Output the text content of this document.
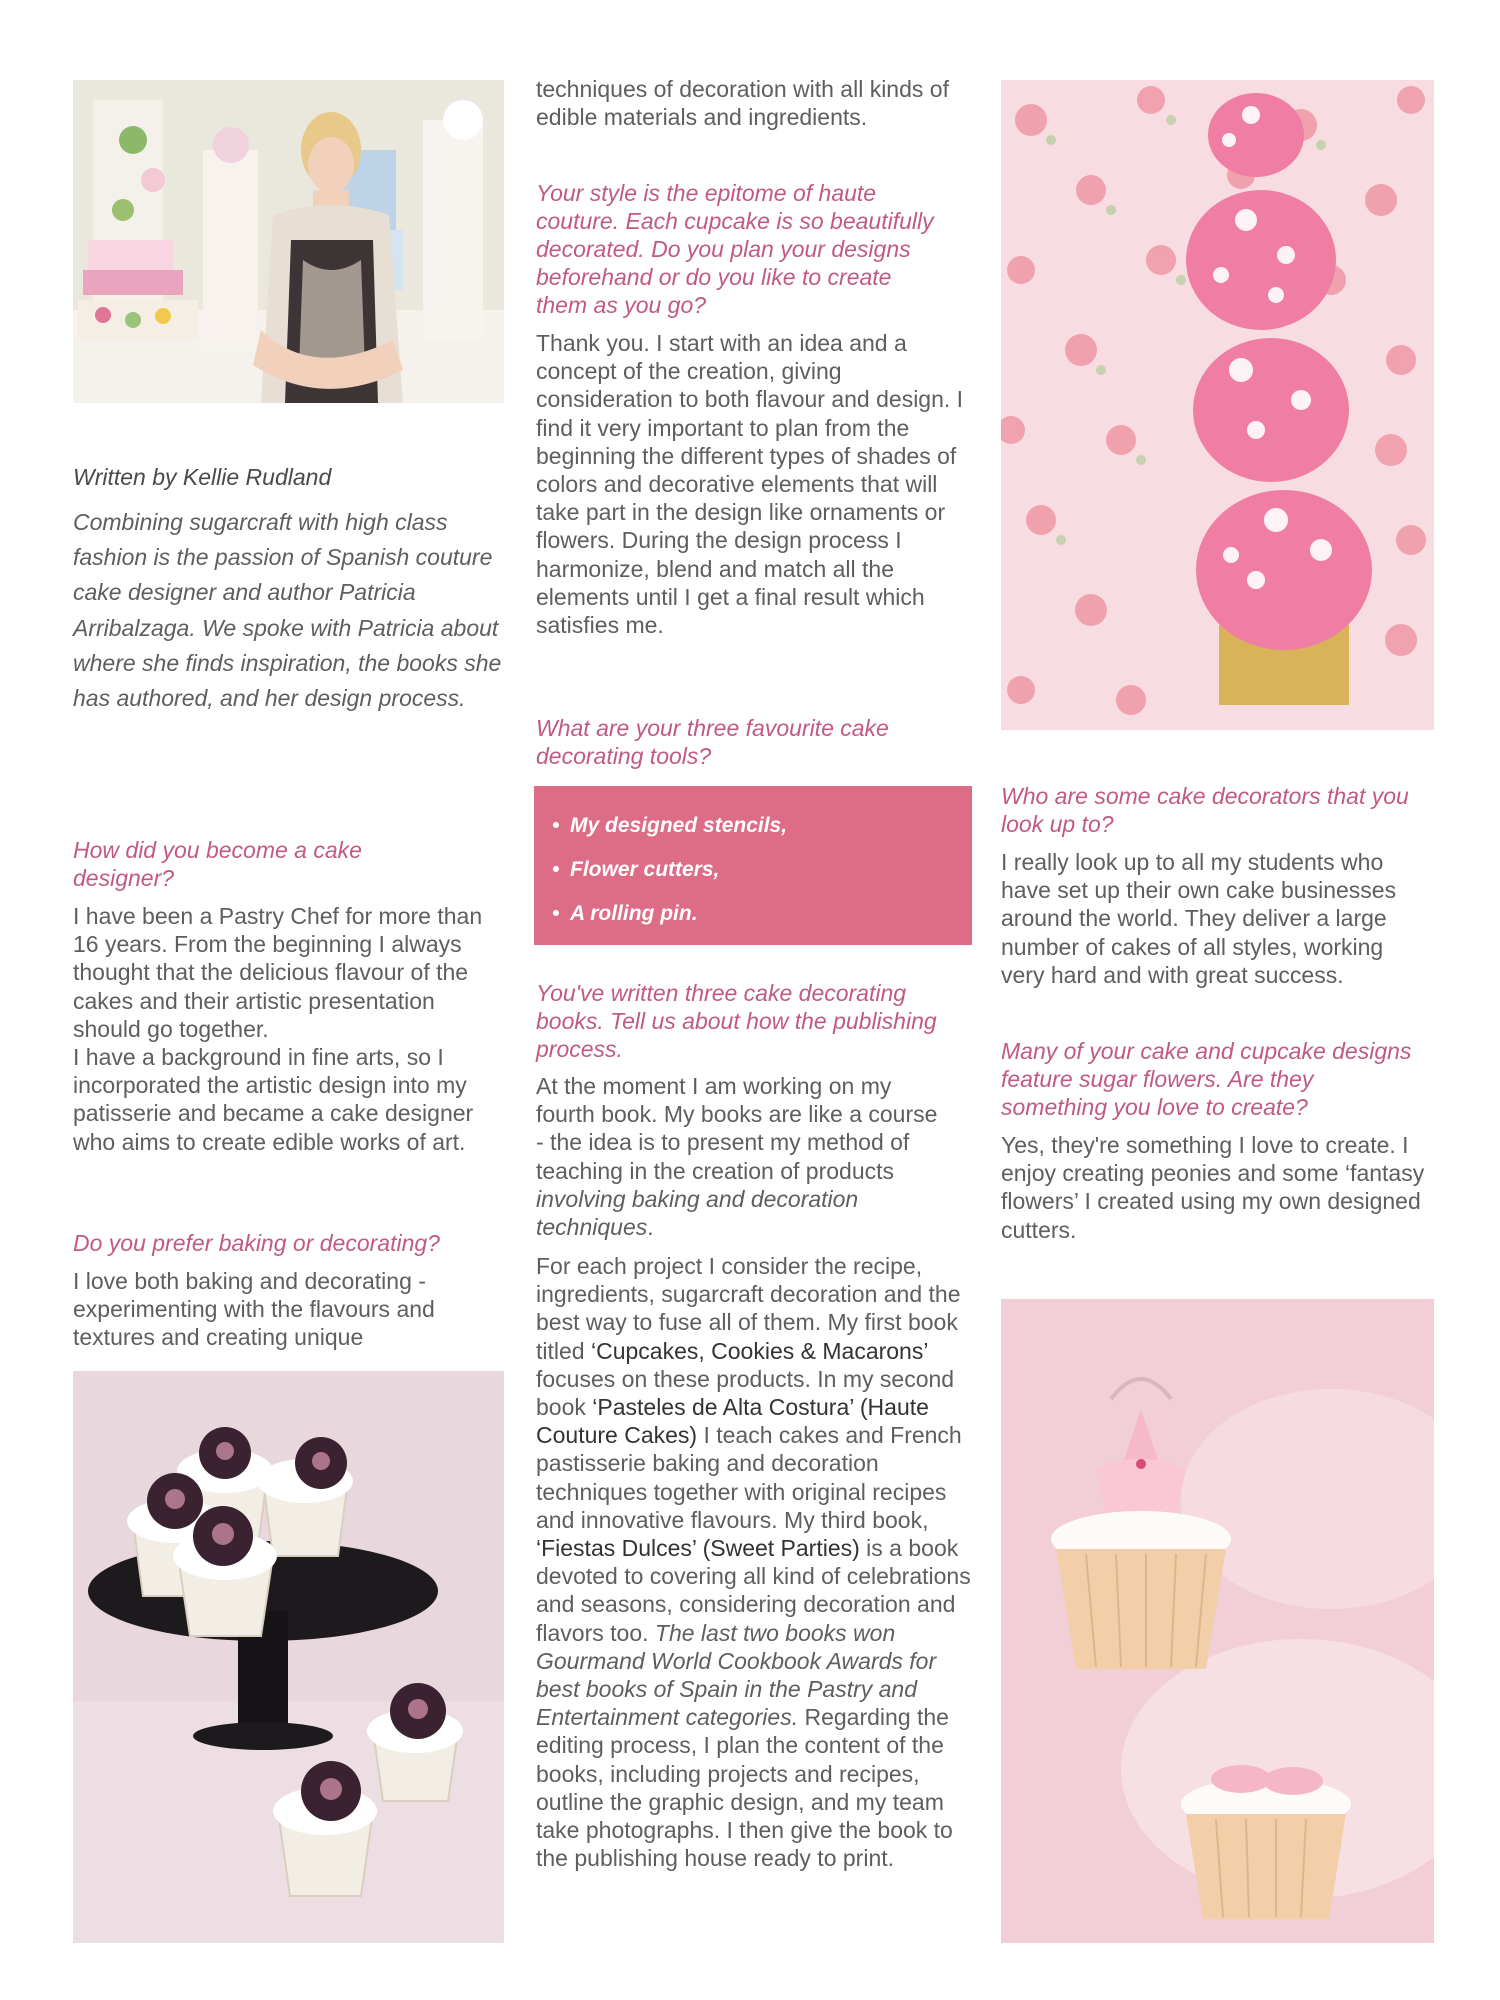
Written by Kellie Rudland

Combining sugarcraft with high class fashion is the passion of Spanish couture cake designer and author Patricia Arribalzaga. We spoke with Patricia about where she finds inspiration, the books she has authored, and her design process.

How did you become a cake designer?

I have been a Pastry Chef for more than 16 years. From the beginning I always thought that the delicious flavour of the cakes and their artistic presentation should go together.
I have a background in fine arts, so I incorporated the artistic design into my patisserie and became a cake designer who aims to create edible works of art.

Do you prefer baking or decorating?

I love both baking and decorating - experimenting with the flavours and textures and creating unique

techniques of decoration with all kinds of edible materials and ingredients.

Your style is the epitome of haute couture. Each cupcake is so beautifully decorated. Do you plan your designs beforehand or do you like to create them as you go?

Thank you. I start with an idea and a concept of the creation, giving consideration to both flavour and design. I find it very important to plan from the beginning the different types of shades of colors and decorative elements that will take part in the design like ornaments or flowers. During the design process I harmonize, blend and match all the elements until I get a final result which satisfies me.

What are your three favourite cake decorating tools?

• My designed stencils,
• Flower cutters,
• A rolling pin.

You've written three cake decorating books. Tell us about how the publishing process.

At the moment I am working on my fourth book. My books are like a course - the idea is to present my method of teaching in the creation of products involving baking and decoration techniques.

For each project I consider the recipe, ingredients, sugarcraft decoration and the best way to fuse all of them. My first book titled ‘Cupcakes, Cookies & Macarons’ focuses on these products. In my second book ‘Pasteles de Alta Costura’ (Haute Couture Cakes) I teach cakes and French pastisserie baking and decoration techniques together with original recipes and innovative flavours. My third book, ‘Fiestas Dulces’ (Sweet Parties) is a book devoted to covering all kind of celebrations and seasons, considering decoration and flavors too. The last two books won Gourmand World Cookbook Awards for best books of Spain in the Pastry and Entertainment categories. Regarding the editing process, I plan the content of the books, including projects and recipes, outline the graphic design, and my team take photographs. I then give the book to the publishing house ready to print.

Who are some cake decorators that you look up to?

I really look up to all my students who have set up their own cake businesses around the world. They deliver a large number of cakes of all styles, working very hard and with great success.

Many of your cake and cupcake designs feature sugar flowers. Are they something you love to create?

Yes, they're something I love to create. I enjoy creating peonies and some ‘fantasy flowers’ I created using my own designed cutters.
